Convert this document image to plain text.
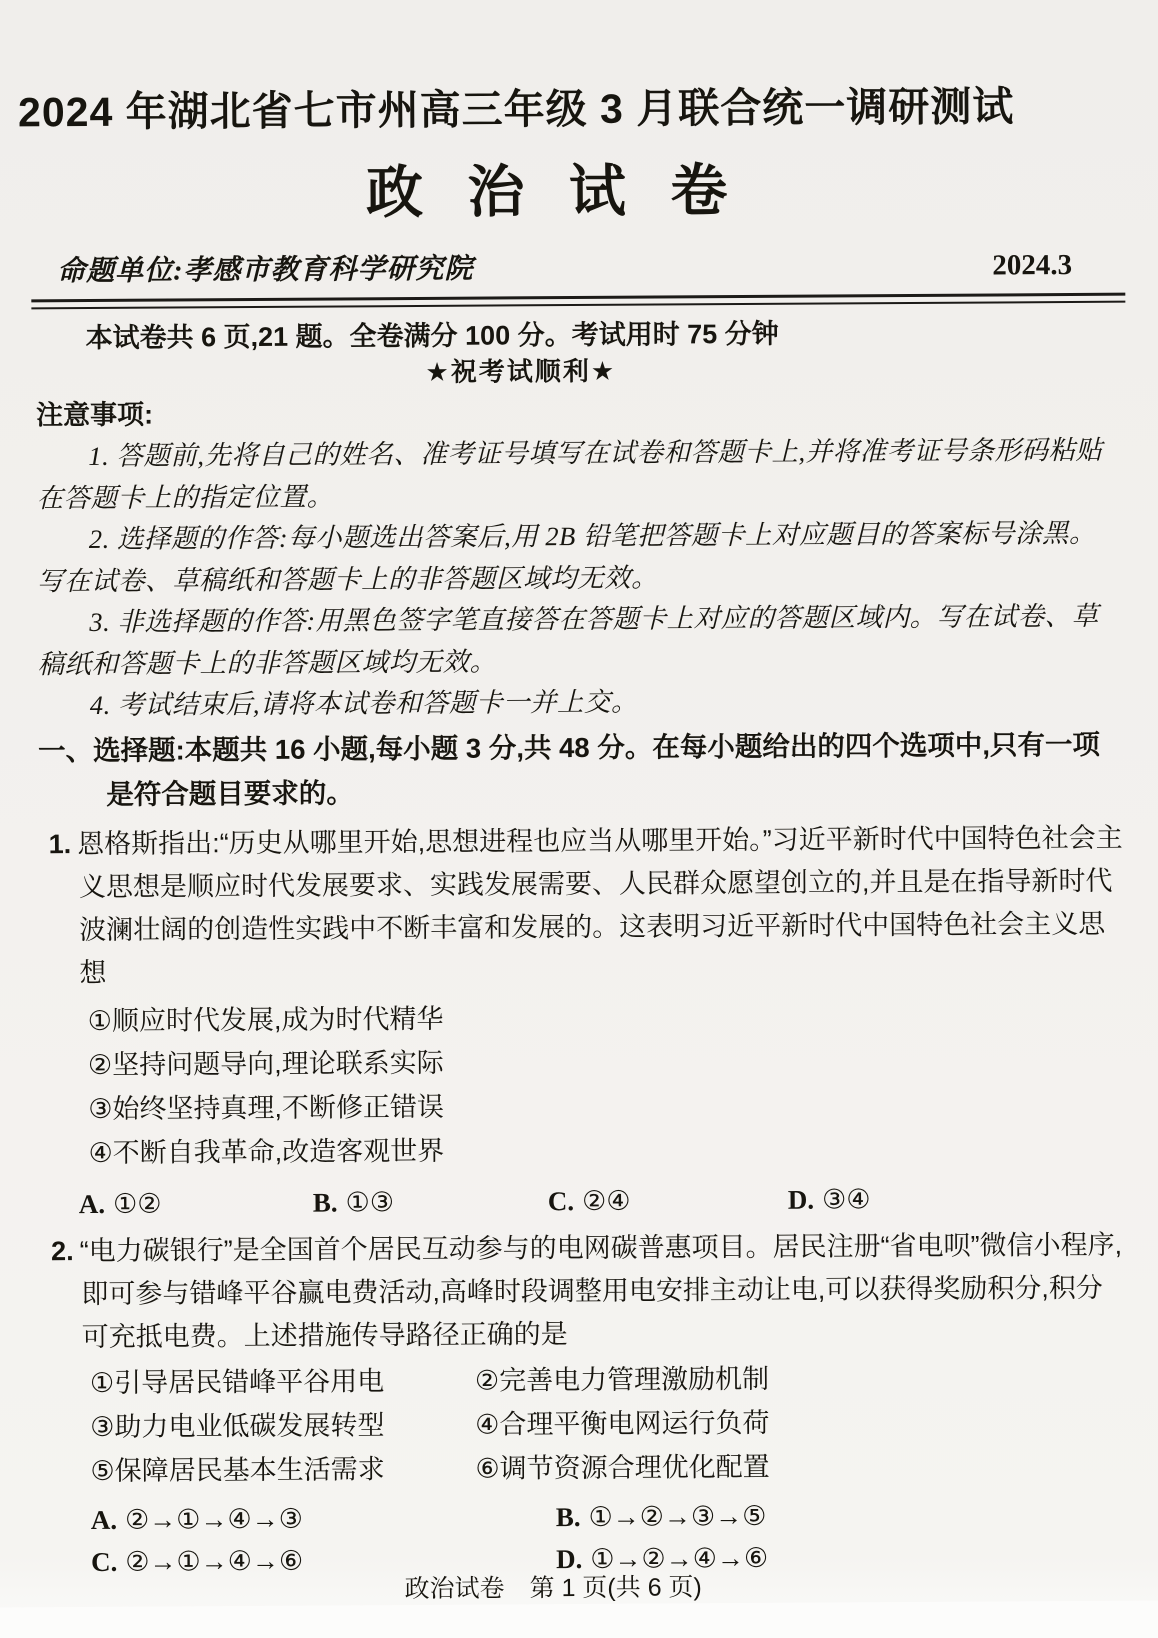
2024 年湖北省七市州高三年级 3 月联合统一调研测试
政治试卷
命题单位:孝感市教育科学研究院	2024.3

本试卷共 6 页,21 题。全卷满分 100 分。考试用时 75 分钟

★祝考试顺利★

注意事项:

1. 答题前,先将自己的姓名、准考证号填写在试卷和答题卡上,并将准考证号条形码粘贴在答题卡上的指定位置。

2. 选择题的作答:每小题选出答案后,用 2B 铅笔把答题卡上对应题目的答案标号涂黑。写在试卷、草稿纸和答题卡上的非答题区域均无效。

3. 非选择题的作答:用黑色签字笔直接答在答题卡上对应的答题区域内。写在试卷、草稿纸和答题卡上的非答题区域均无效。

4. 考试结束后,请将本试卷和答题卡一并上交。

一、选择题:本题共 16 小题,每小题 3 分,共 48 分。在每小题给出的四个选项中,只有一项是符合题目要求的。

1. 恩格斯指出:“历史从哪里开始,思想进程也应当从哪里开始。”习近平新时代中国特色社会主义思想是顺应时代发展要求、实践发展需要、人民群众愿望创立的,并且是在指导新时代波澜壮阔的创造性实践中不断丰富和发展的。这表明习近平新时代中国特色社会主义思想

①顺应时代发展,成为时代精华

②坚持问题导向,理论联系实际

③始终坚持真理,不断修正错误

④不断自我革命,改造客观世界

A. ①②	B. ①③	C. ②④	D. ③④

2. “电力碳银行”是全国首个居民互动参与的电网碳普惠项目。居民注册“省电呗”微信小程序,即可参与错峰平谷赢电费活动,高峰时段调整用电安排主动让电,可以获得奖励积分,积分可充抵电费。上述措施传导路径正确的是

①引导居民错峰平谷用电	②完善电力管理激励机制

③助力电业低碳发展转型	④合理平衡电网运行负荷

⑤保障居民基本生活需求	⑥调节资源合理优化配置

A. ②→①→④→③	B. ①→②→③→⑤
C. ②→①→④→⑥	D. ①→②→④→⑥

政治试卷　第 1 页(共 6 页)
